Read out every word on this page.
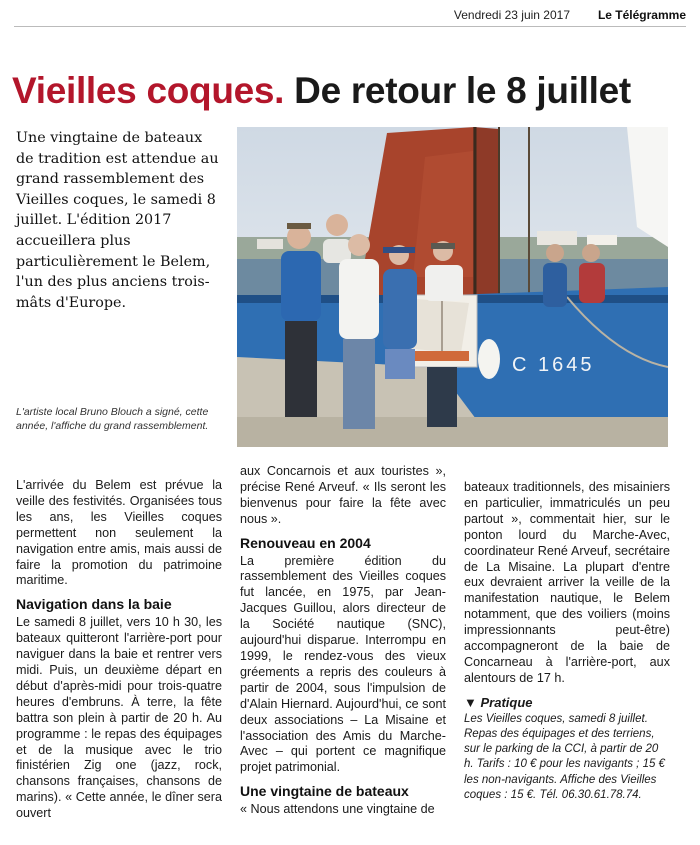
Vendredi 23 juin 2017 Le Télégramme
Vieilles coques. De retour le 8 juillet
Une vingtaine de bateaux de tradition est attendue au grand rassemblement des Vieilles coques, le samedi 8 juillet. L'édition 2017 accueillera plus particulièrement le Belem, l'un des plus anciens trois-mâts d'Europe.
C 1645
L'artiste local Bruno Blouch a signé, cette année, l'affiche du grand rassemblement.

L'arrivée du Belem est prévue la veille des festivités. Organisées tous les ans, les Vieilles coques permettent non seulement la navigation entre amis, mais aussi de faire la promotion du patrimoine maritime.

Navigation dans la baie

Le samedi 8 juillet, vers 10 h 30, les bateaux quitteront l'arrière-port pour naviguer dans la baie et rentrer vers midi. Puis, un deuxième départ en début d'après-midi pour trois-quatre heures d'embruns. À terre, la fête battra son plein à partir de 20 h. Au programme : le repas des équipages et de la musique avec le trio finistérien Zig one (jazz, rock, chansons françaises, chansons de marins). « Cette année, le dîner sera ouvert

aux Concarnois et aux touristes », précise René Arveuf. « Ils seront les bienvenus pour faire la fête avec nous ».

Renouveau en 2004

La première édition du rassemblement des Vieilles coques fut lancée, en 1975, par Jean-Jacques Guillou, alors directeur de la Société nautique (SNC), aujourd'hui disparue. Interrompu en 1999, le rendez-vous des vieux gréements a repris des couleurs à partir de 2004, sous l'impulsion de d'Alain Hiernard. Aujourd'hui, ce sont deux associations – La Misaine et l'association des Amis du Marche-Avec – qui portent ce magnifique projet patrimonial.

Une vingtaine de bateaux

« Nous attendons une vingtaine de

bateaux traditionnels, des misainiers en particulier, immatriculés un peu partout », commentait hier, sur le ponton lourd du Marche-Avec, coordinateur René Arveuf, secrétaire de La Misaine. La plupart d'entre eux devraient arriver la veille de la manifestation nautique, le Belem notamment, que des voiliers (moins impressionnants peut-être) accompagneront de la baie de Concarneau à l'arrière-port, aux alentours de 17 h.

▼ Pratique
Les Vieilles coques, samedi 8 juillet. Repas des équipages et des terriens, sur le parking de la CCI, à partir de 20 h. Tarifs : 10 € pour les navigants ; 15 € les non-navigants. Affiche des Vieilles coques : 15 €. Tél. 06.30.61.78.74.
